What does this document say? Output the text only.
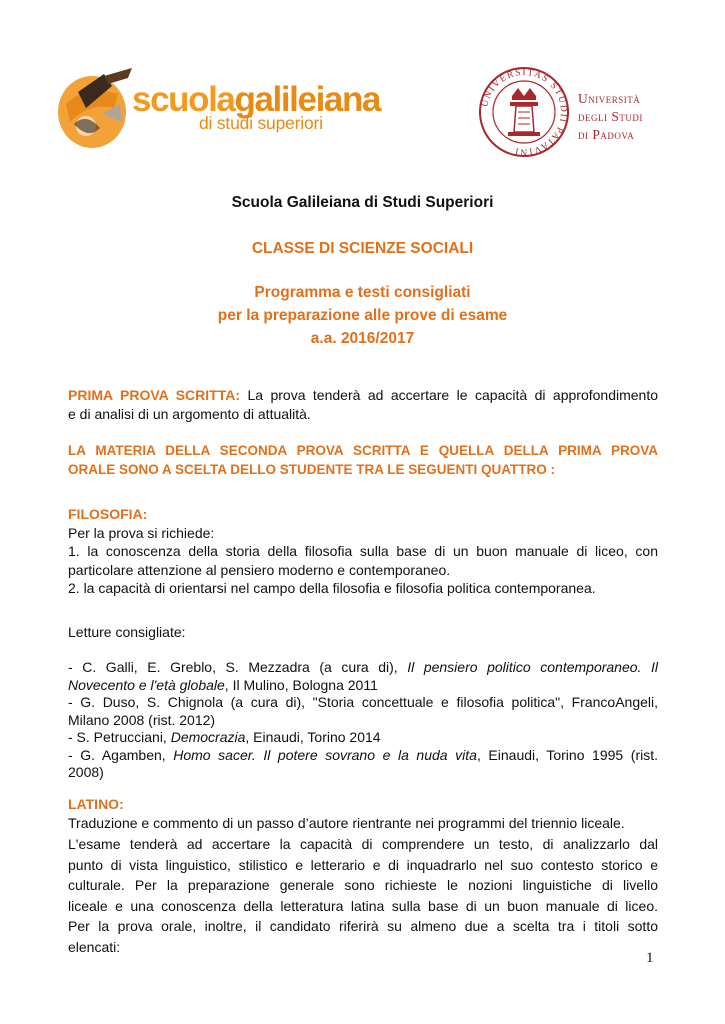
scuolagalileiana
di studi superiori
UNIVERSITAS STUDII PATAVINI
Università
degli Studi
di Padova
Scuola Galileiana di Studi Superiori
CLASSE DI SCIENZE SOCIALI
Programma e testi consigliati
per la preparazione alle prove di esame
a.a. 2016/2017
PRIMA PROVA SCRITTA: La prova tenderà ad accertare le capacità di approfondimento
e di analisi di un argomento di attualità.
LA MATERIA DELLA SECONDA PROVA SCRITTA E QUELLA DELLA PRIMA PROVA
ORALE SONO A SCELTA DELLO STUDENTE TRA LE SEGUENTI QUATTRO :
FILOSOFIA:
Per la prova si richiede:
1. la conoscenza della storia della filosofia sulla base di un buon manuale di liceo, con
particolare attenzione al pensiero moderno e contemporaneo.
2. la capacità di orientarsi nel campo della filosofia e filosofia politica contemporanea.
Letture consigliate:
- C. Galli, E. Greblo, S. Mezzadra (a cura di), Il pensiero politico contemporaneo. Il
Novecento e l'età globale, Il Mulino, Bologna 2011
- G. Duso, S. Chignola (a cura di), "Storia concettuale e filosofia politica", FrancoAngeli,
Milano 2008 (rist. 2012)
- S. Petrucciani, Democrazia, Einaudi, Torino 2014
- G. Agamben, Homo sacer. Il potere sovrano e la nuda vita, Einaudi, Torino 1995 (rist.
2008)
LATINO:
Traduzione e commento di un passo d’autore rientrante nei programmi del triennio liceale.
L'esame tenderà ad accertare la capacità di comprendere un testo, di analizzarlo dal
punto di vista linguistico, stilistico e letterario e di inquadrarlo nel suo contesto storico e
culturale. Per la preparazione generale sono richieste le nozioni linguistiche di livello
liceale e una conoscenza della letteratura latina sulla base di un buon manuale di liceo.
Per la prova orale, inoltre, il candidato riferirà su almeno due a scelta tra i titoli sotto
elencati:
1
